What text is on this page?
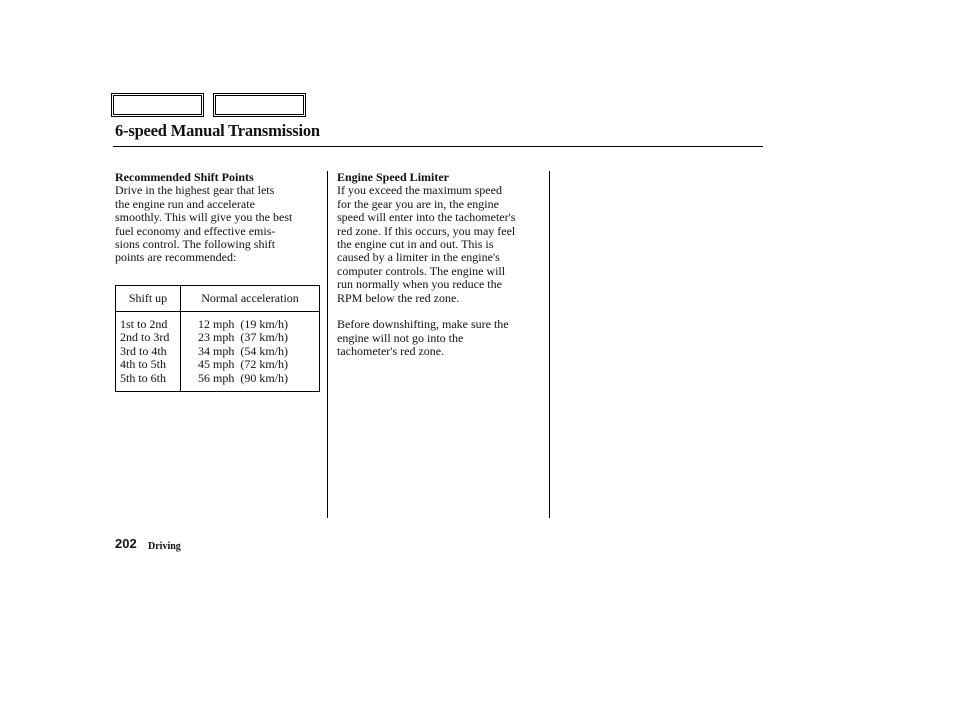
6-speed Manual Transmission
Recommended Shift Points
Drive in the highest gear that lets
the engine run and accelerate
smoothly. This will give you the best
fuel economy and effective emis-
sions control. The following shift
points are recommended:
Shift up	Normal acceleration
1st to 2nd
2nd to 3rd
3rd to 4th
4th to 5th
5th to 6th
12 mph  (19 km/h)
23 mph  (37 km/h)
34 mph  (54 km/h)
45 mph  (72 km/h)
56 mph  (90 km/h)
Engine Speed Limiter
If you exceed the maximum speed
for the gear you are in, the engine
speed will enter into the tachometer's
red zone. If this occurs, you may feel
the engine cut in and out. This is
caused by a limiter in the engine's
computer controls. The engine will
run normally when you reduce the
RPM below the red zone.
Before downshifting, make sure the
engine will not go into the
tachometer's red zone.
202 Driving
